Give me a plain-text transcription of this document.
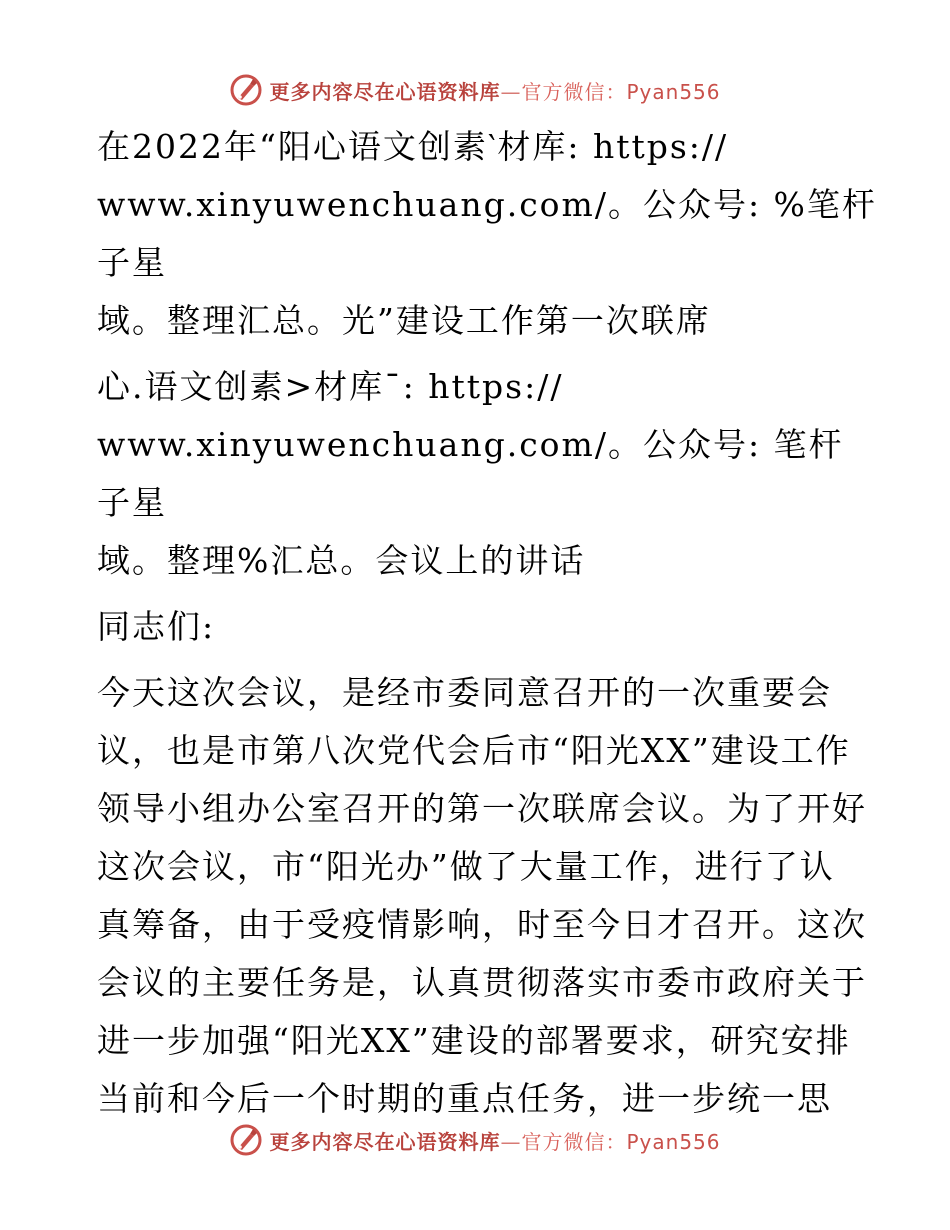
更多内容尽在心语资料库—官方微信：Pyan556

在2022年“阳心语文创素‵材库: https://

www.xinyuwenchuang.com/。公众号: %笔杆子星

域。整理汇总。光”建设工作第一次联席

心.语文创素>材库¯: https://

www.xinyuwenchuang.com/。公众号: 笔杆子星

域。整理%汇总。会议上的讲话

同志们:

今天这次会议，是经市委同意召开的一次重要会

议，也是市第八次党代会后市“阳光XX”建设工作

领导小组办公室召开的第一次联席会议。为了开好

这次会议，市“阳光办”做了大量工作，进行了认

真筹备，由于受疫情影响，时至今日才召开。这次

会议的主要任务是，认真贯彻落实市委市政府关于

进一步加强“阳光XX”建设的部署要求，研究安排

当前和今后一个时期的重点任务，进一步统一思

更多内容尽在心语资料库—官方微信：Pyan556
